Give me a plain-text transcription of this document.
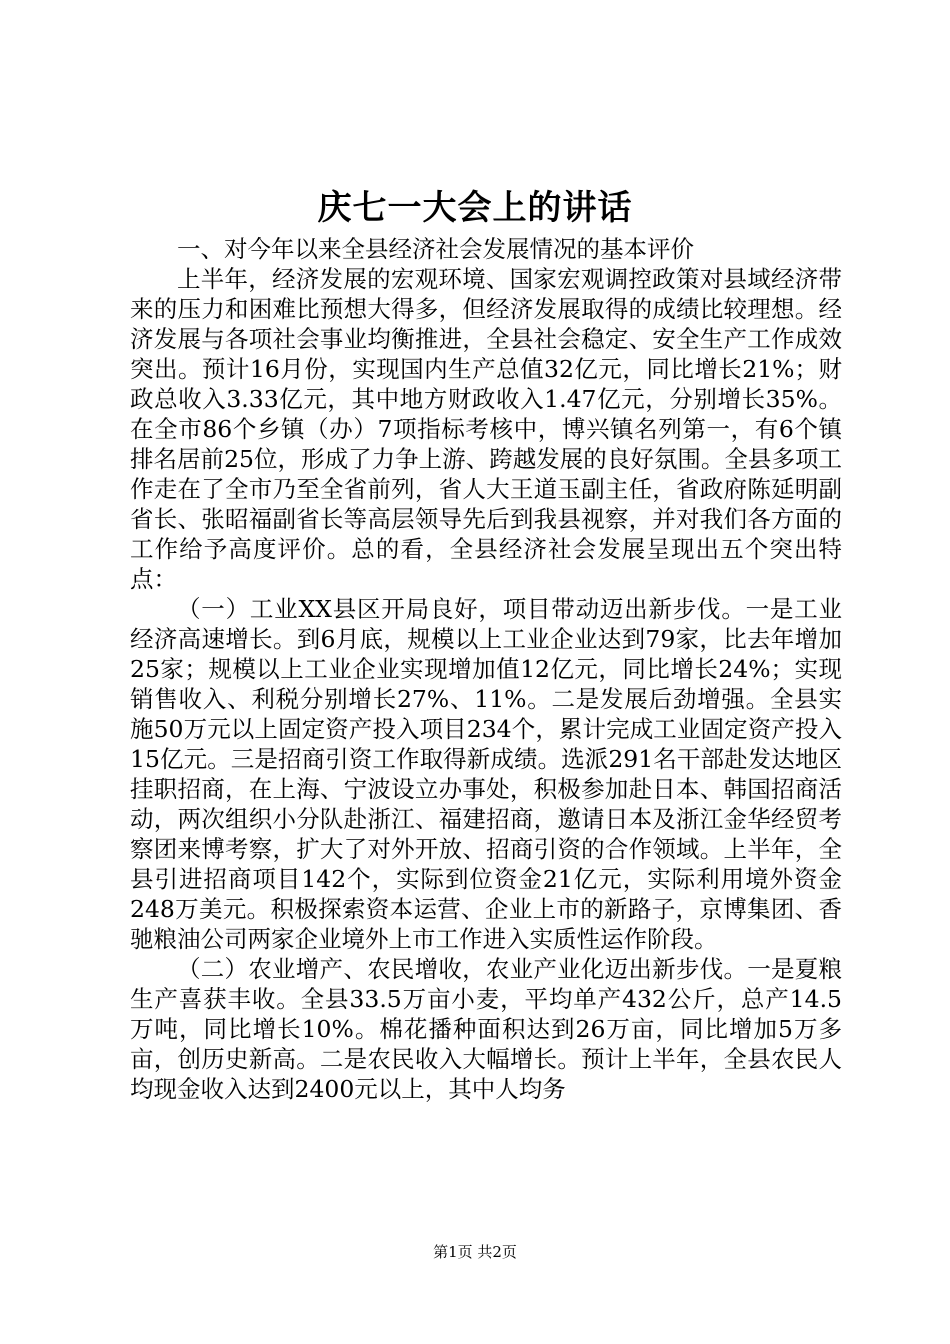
庆七一大会上的讲话

一、对今年以来全县经济社会发展情况的基本评价

上半年，经济发展的宏观环境、国家宏观调控政策对县域经济带来的压力和困难比预想大得多，但经济发展取得的成绩比较理想。经济发展与各项社会事业均衡推进，全县社会稳定、安全生产工作成效突出。预计16月份，实现国内生产总值32亿元，同比增长21%；财政总收入3.33亿元，其中地方财政收入1.47亿元，分别增长35%。在全市86个乡镇（办）7项指标考核中，博兴镇名列第一，有6个镇排名居前25位，形成了力争上游、跨越发展的良好氛围。全县多项工作走在了全市乃至全省前列，省人大王道玉副主任，省政府陈延明副省长、张昭福副省长等高层领导先后到我县视察，并对我们各方面的工作给予高度评价。总的看，全县经济社会发展呈现出五个突出特点：

（一）工业XX县区开局良好，项目带动迈出新步伐。一是工业经济高速增长。到6月底，规模以上工业企业达到79家，比去年增加25家；规模以上工业企业实现增加值12亿元，同比增长24%；实现销售收入、利税分别增长27%、11%。二是发展后劲增强。全县实施50万元以上固定资产投入项目234个，累计完成工业固定资产投入15亿元。三是招商引资工作取得新成绩。选派291名干部赴发达地区挂职招商，在上海、宁波设立办事处，积极参加赴日本、韩国招商活动，两次组织小分队赴浙江、福建招商，邀请日本及浙江金华经贸考察团来博考察，扩大了对外开放、招商引资的合作领域。上半年，全县引进招商项目142个，实际到位资金21亿元，实际利用境外资金248万美元。积极探索资本运营、企业上市的新路子，京博集团、香驰粮油公司两家企业境外上市工作进入实质性运作阶段。

（二）农业增产、农民增收，农业产业化迈出新步伐。一是夏粮生产喜获丰收。全县33.5万亩小麦，平均单产432公斤，总产14.5万吨，同比增长10%。棉花播种面积达到26万亩，同比增加5万多亩，创历史新高。二是农民收入大幅增长。预计上半年，全县农民人均现金收入达到2400元以上，其中人均务

第1页 共2页
